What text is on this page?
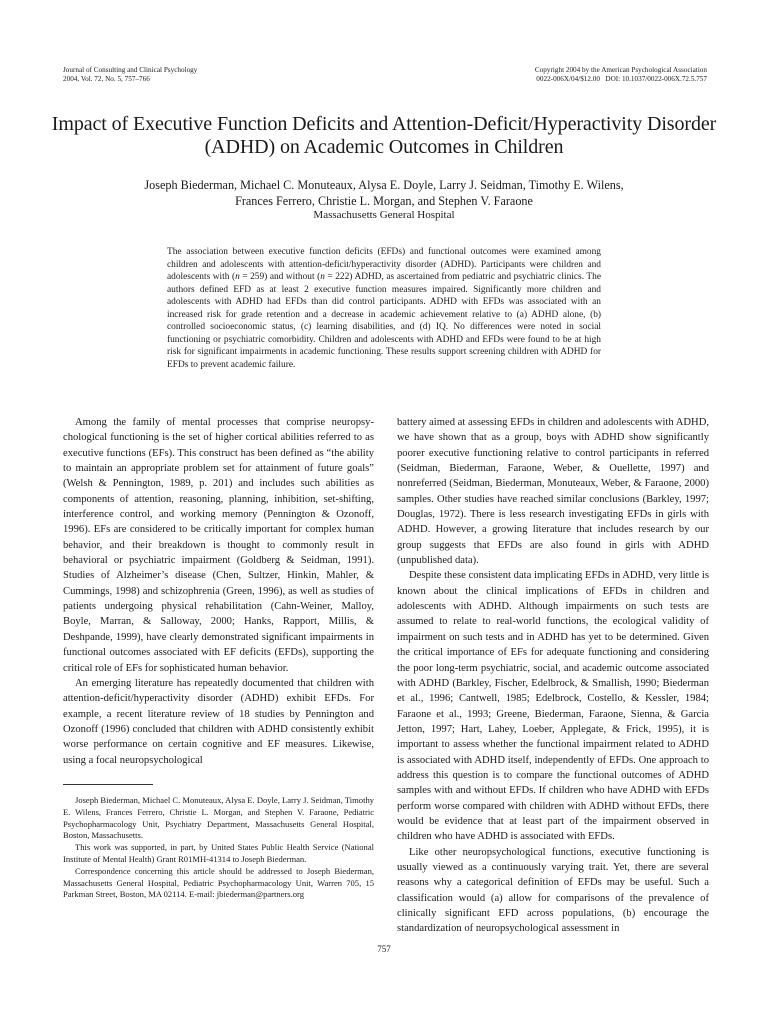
Journal of Consulting and Clinical Psychology
2004, Vol. 72, No. 5, 757–766
Copyright 2004 by the American Psychological Association
0022-006X/04/$12.00   DOI: 10.1037/0022-006X.72.5.757
Impact of Executive Function Deficits and Attention-Deficit/Hyperactivity Disorder (ADHD) on Academic Outcomes in Children
Joseph Biederman, Michael C. Monuteaux, Alysa E. Doyle, Larry J. Seidman, Timothy E. Wilens,
Frances Ferrero, Christie L. Morgan, and Stephen V. Faraone
Massachusetts General Hospital
The association between executive function deficits (EFDs) and functional outcomes were examined among children and adolescents with attention-deficit/hyperactivity disorder (ADHD). Participants were children and adolescents with (n = 259) and without (n = 222) ADHD, as ascertained from pediatric and psychiatric clinics. The authors defined EFD as at least 2 executive function measures impaired. Significantly more children and adolescents with ADHD had EFDs than did control participants. ADHD with EFDs was associated with an increased risk for grade retention and a decrease in academic achievement relative to (a) ADHD alone, (b) controlled socioeconomic status, (c) learning disabilities, and (d) IQ. No differences were noted in social functioning or psychiatric comorbidity. Children and adolescents with ADHD and EFDs were found to be at high risk for significant impairments in academic functioning. These results support screening children with ADHD for EFDs to prevent academic failure.

Among the family of mental processes that comprise neuropsychological functioning is the set of higher cortical abilities referred to as executive functions (EFs). This construct has been defined as “the ability to maintain an appropriate problem set for attainment of future goals” (Welsh & Pennington, 1989, p. 201) and includes such abilities as components of attention, reasoning, planning, inhibition, set-shifting, interference control, and working memory (Pennington & Ozonoff, 1996). EFs are considered to be critically important for complex human behavior, and their breakdown is thought to commonly result in behavioral or psychiatric impairment (Goldberg & Seidman, 1991). Studies of Alzheimer’s disease (Chen, Sultzer, Hinkin, Mahler, & Cummings, 1998) and schizophrenia (Green, 1996), as well as studies of patients undergoing physical rehabilitation (Cahn-Weiner, Malloy, Boyle, Marran, & Salloway, 2000; Hanks, Rapport, Millis, & Deshpande, 1999), have clearly demonstrated significant impairments in functional outcomes associated with EF deficits (EFDs), supporting the critical role of EFs for sophisticated human behavior.

An emerging literature has repeatedly documented that children with attention-deficit/hyperactivity disorder (ADHD) exhibit EFDs. For example, a recent literature review of 18 studies by Pennington and Ozonoff (1996) concluded that children with ADHD consistently exhibit worse performance on certain cognitive and EF measures. Likewise, using a focal neuropsychological

Joseph Biederman, Michael C. Monuteaux, Alysa E. Doyle, Larry J. Seidman, Timothy E. Wilens, Frances Ferrero, Christie L. Morgan, and Stephen V. Faraone, Pediatric Psychopharmacology Unit, Psychiatry Department, Massachusetts General Hospital, Boston, Massachusetts.

This work was supported, in part, by United States Public Health Service (National Institute of Mental Health) Grant R01MH-41314 to Joseph Biederman.

Correspondence concerning this article should be addressed to Joseph Biederman, Massachusetts General Hospital, Pediatric Psychopharmacology Unit, Warren 705, 15 Parkman Street, Boston, MA 02114. E-mail: jbiederman@partners.org

battery aimed at assessing EFDs in children and adolescents with ADHD, we have shown that as a group, boys with ADHD show significantly poorer executive functioning relative to control participants in referred (Seidman, Biederman, Faraone, Weber, & Ouellette, 1997) and nonreferred (Seidman, Biederman, Monuteaux, Weber, & Faraone, 2000) samples. Other studies have reached similar conclusions (Barkley, 1997; Douglas, 1972). There is less research investigating EFDs in girls with ADHD. However, a growing literature that includes research by our group suggests that EFDs are also found in girls with ADHD (unpublished data).

Despite these consistent data implicating EFDs in ADHD, very little is known about the clinical implications of EFDs in children and adolescents with ADHD. Although impairments on such tests are assumed to relate to real-world functions, the ecological validity of impairment on such tests and in ADHD has yet to be determined. Given the critical importance of EFs for adequate functioning and considering the poor long-term psychiatric, social, and academic outcome associated with ADHD (Barkley, Fischer, Edelbrock, & Smallish, 1990; Biederman et al., 1996; Cantwell, 1985; Edelbrock, Costello, & Kessler, 1984; Faraone et al., 1993; Greene, Biederman, Faraone, Sienna, & Garcia Jetton, 1997; Hart, Lahey, Loeber, Applegate, & Frick, 1995), it is important to assess whether the functional impairment related to ADHD is associated with ADHD itself, independently of EFDs. One approach to address this question is to compare the functional outcomes of ADHD samples with and without EFDs. If children who have ADHD with EFDs perform worse compared with children with ADHD without EFDs, there would be evidence that at least part of the impairment observed in children who have ADHD is associated with EFDs.

Like other neuropsychological functions, executive functioning is usually viewed as a continuously varying trait. Yet, there are several reasons why a categorical definition of EFDs may be useful. Such a classification would (a) allow for comparisons of the prevalence of clinically significant EFD across populations, (b) encourage the standardization of neuropsychological assessment in

757
